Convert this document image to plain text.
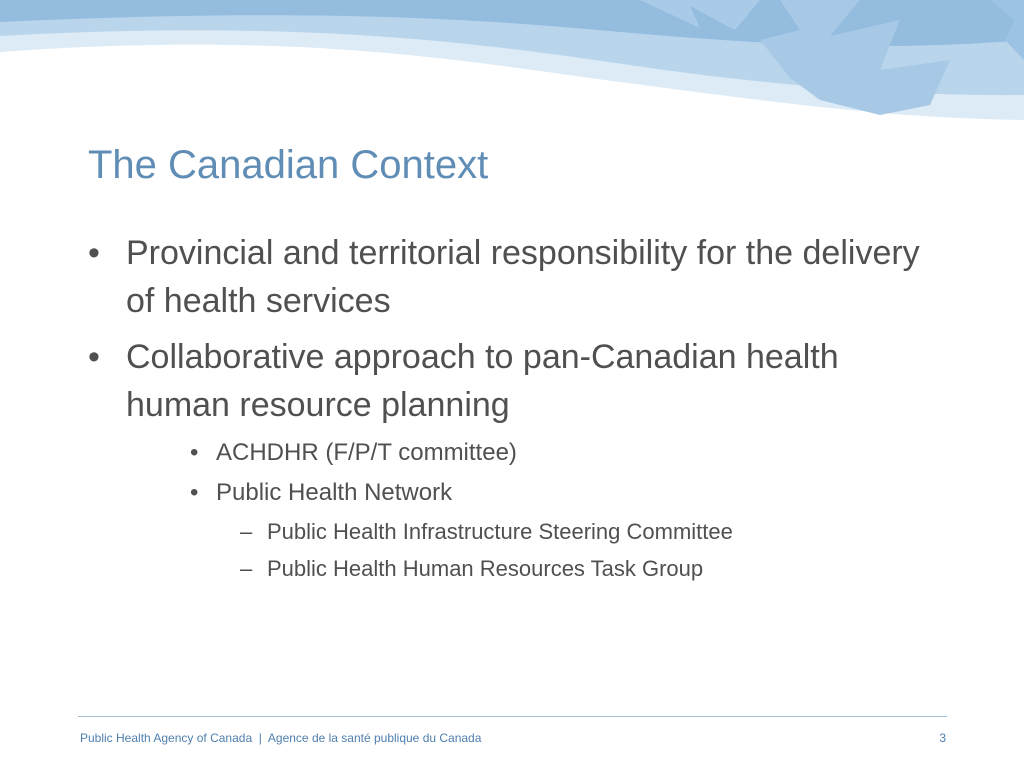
The Canadian Context
• Provincial and territorial responsibility for the delivery of health services
• Collaborative approach to pan-Canadian health human resource planning
• ACHDHR (F/P/T committee)
• Public Health Network
– Public Health Infrastructure Steering Committee
– Public Health Human Resources Task Group
Public Health Agency of Canada  |  Agence de la santé publique du Canada	3
